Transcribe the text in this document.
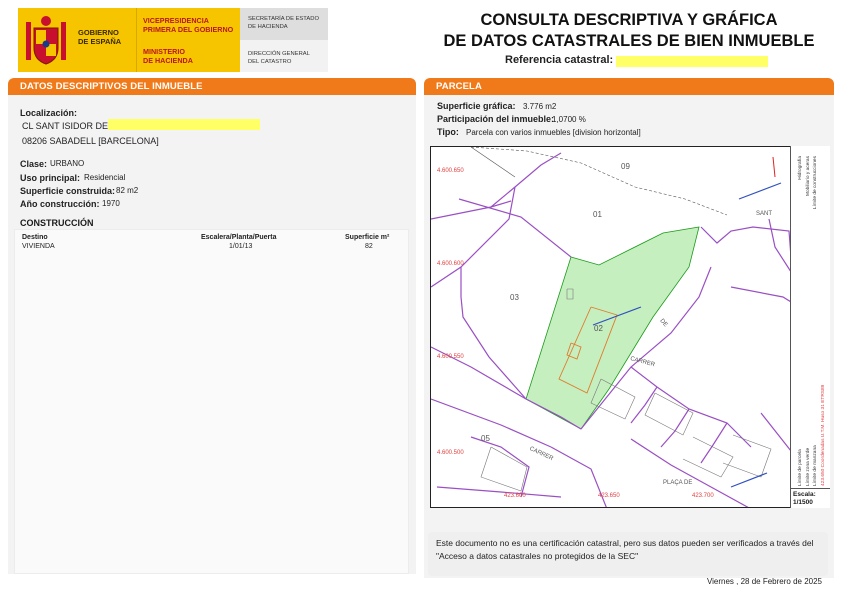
GOBIERNO
DE ESPAÑA
VICEPRESIDENCIA
PRIMERA DEL GOBIERNO
MINISTERIO
DE HACIENDA
SECRETARÍA DE ESTADO
DE HACIENDA
DIRECCIÓN GENERAL
DEL CATASTRO
CONSULTA DESCRIPTIVA Y GRÁFICA
DE DATOS CATASTRALES DE BIEN INMUEBLE
Referencia catastral:
DATOS DESCRIPTIVOS DEL INMUEBLE
Localización:
CL SANT ISIDOR DE
08206 SABADELL [BARCELONA]
Clase: URBANO
Uso principal: Residencial
Superficie construida: 82 m2
Año construcción: 1970
CONSTRUCCIÓN
Destino	Escalera/Planta/Puerta	Superficie m²
VIVIENDA	1/01/13	82
PARCELA
Superficie gráfica: 3.776 m2
Participación del inmueble:
1,0700 %
Tipo: Parcela con varios inmuebles [division horizontal]
01
02
03
05
09
4.600.650
4.600.600
4.600.550
4.600.500
423.600	423.650	423.700
CARRER
CARRER
PLAÇA DE
SANT
DE
Límite de parcela
Hidrografía
Límite zona verde
Mobiliario y aceras
Límite de manzana
Límite de construcciones
423.650 Coordenadas U.T.M. Huso 31 ETRS89
Escala:
1/1500
Este documento no es una certificación catastral, pero sus datos pueden ser verificados a través del "Acceso a datos catastrales no protegidos de la SEC"
Viernes , 28 de Febrero de 2025
